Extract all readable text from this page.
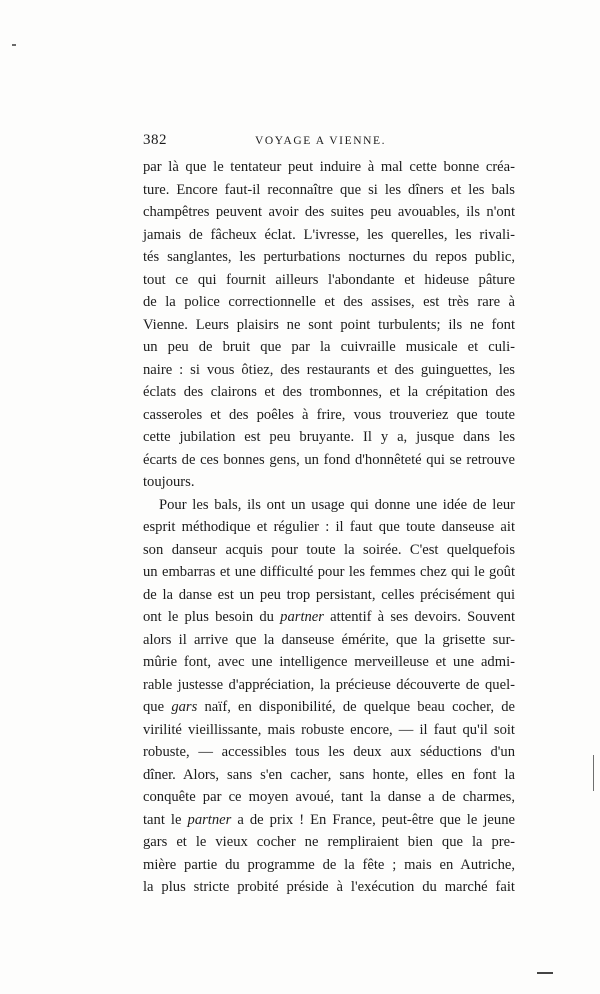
382	VOYAGE A VIENNE.
par là que le tentateur peut induire à mal cette bonne créa-
ture. Encore faut-il reconnaître que si les dîners et les bals
champêtres peuvent avoir des suites peu avouables, ils n'ont
jamais de fâcheux éclat. L'ivresse, les querelles, les rivali-
tés sanglantes, les perturbations nocturnes du repos public,
tout ce qui fournit ailleurs l'abondante et hideuse pâture
de la police correctionnelle et des assises, est très rare à
Vienne. Leurs plaisirs ne sont point turbulents; ils ne font
un peu de bruit que par la cuivraille musicale et culi-
naire : si vous ôtiez, des restaurants et des guinguettes, les
éclats des clairons et des trombonnes, et la crépitation des
casseroles et des poêles à frire, vous trouveriez que toute
cette jubilation est peu bruyante. Il y a, jusque dans les
écarts de ces bonnes gens, un fond d'honnêteté qui se retrouve
toujours.
Pour les bals, ils ont un usage qui donne une idée de leur
esprit méthodique et régulier : il faut que toute danseuse ait
son danseur acquis pour toute la soirée. C'est quelquefois
un embarras et une difficulté pour les femmes chez qui le goût
de la danse est un peu trop persistant, celles précisément qui
ont le plus besoin du partner attentif à ses devoirs. Souvent
alors il arrive que la danseuse émérite, que la grisette sur-
mûrie font, avec une intelligence merveilleuse et une admi-
rable justesse d'appréciation, la précieuse découverte de quel-
que gars naïf, en disponibilité, de quelque beau cocher, de
virilité vieillissante, mais robuste encore, — il faut qu'il soit
robuste, — accessibles tous les deux aux séductions d'un
dîner. Alors, sans s'en cacher, sans honte, elles en font la
conquête par ce moyen avoué, tant la danse a de charmes,
tant le partner a de prix ! En France, peut-être que le jeune
gars et le vieux cocher ne rempliraient bien que la pre-
mière partie du programme de la fête ; mais en Autriche,
la plus stricte probité préside à l'exécution du marché fait
